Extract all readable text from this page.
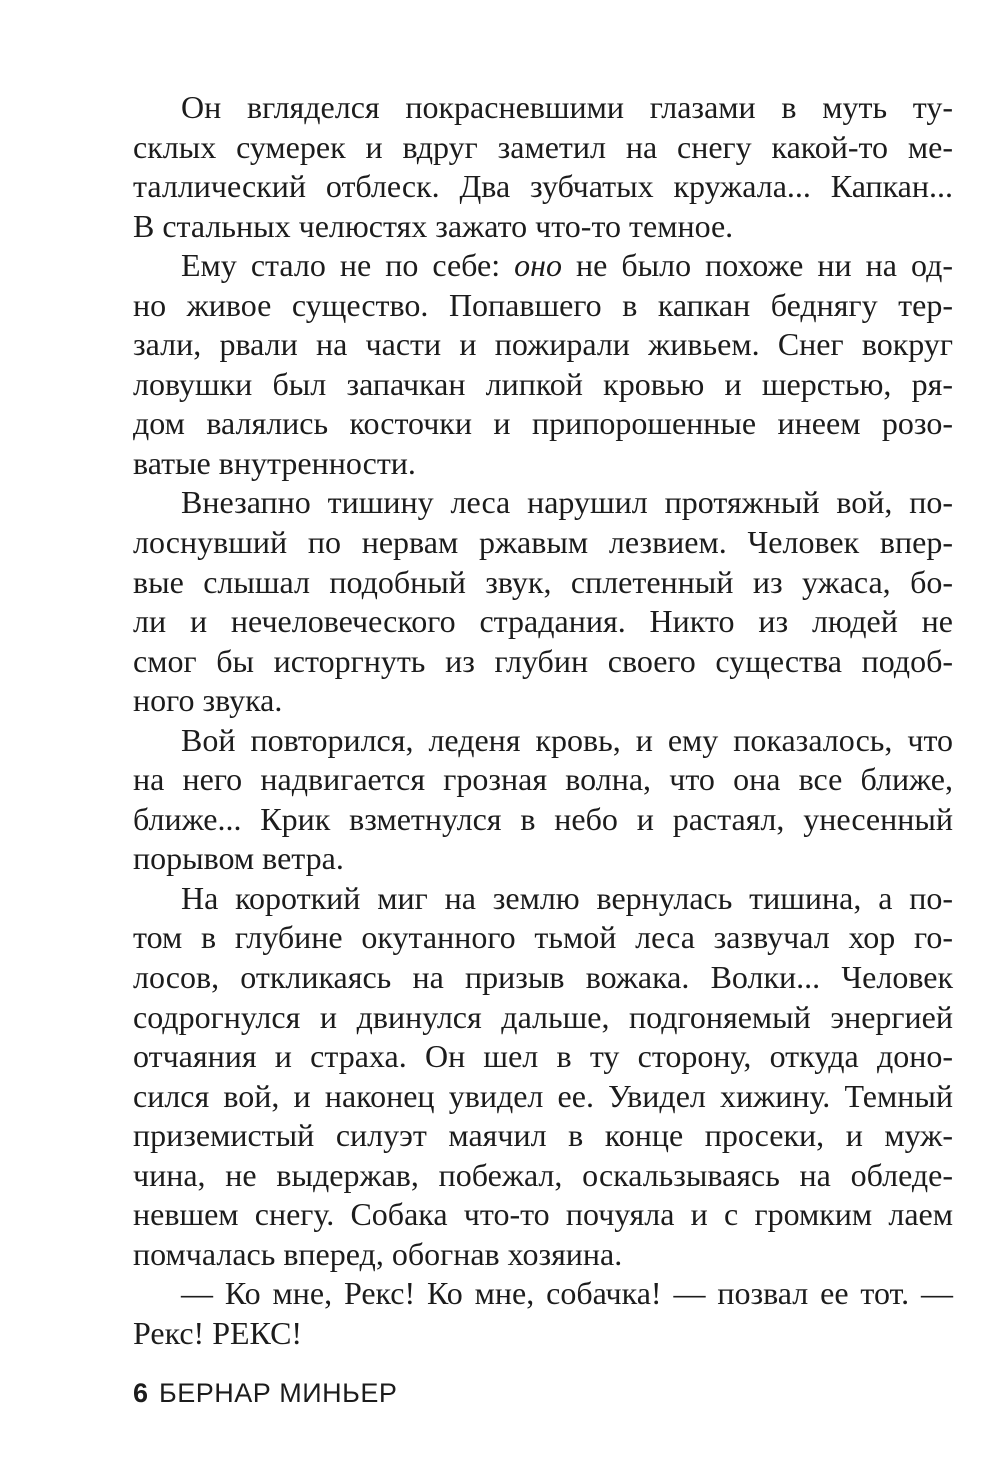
Он вгляделся покрасневшими глазами в муть ту-
склых сумерек и вдруг заметил на снегу какой-то ме-
таллический отблеск. Два зубчатых кружала... Капкан...
В стальных челюстях зажато что-то темное.
Ему стало не по себе: оно не было похоже ни на од-
но живое существо. Попавшего в капкан беднягу тер-
зали, рвали на части и пожирали живьем. Снег вокруг
ловушки был запачкан липкой кровью и шерстью, ря-
дом валялись косточки и припорошенные инеем розо-
ватые внутренности.
Внезапно тишину леса нарушил протяжный вой, по-
лоснувший по нервам ржавым лезвием. Человек впер-
вые слышал подобный звук, сплетенный из ужаса, бо-
ли и нечеловеческого страдания. Никто из людей не
смог бы исторгнуть из глубин своего существа подоб-
ного звука.
Вой повторился, леденя кровь, и ему показалось, что
на него надвигается грозная волна, что она все ближе,
ближе... Крик взметнулся в небо и растаял, унесенный
порывом ветра.
На короткий миг на землю вернулась тишина, а по-
том в глубине окутанного тьмой леса зазвучал хор го-
лосов, откликаясь на призыв вожака. Волки... Человек
содрогнулся и двинулся дальше, подгоняемый энергией
отчаяния и страха. Он шел в ту сторону, откуда доно-
сился вой, и наконец увидел ее. Увидел хижину. Темный
приземистый силуэт маячил в конце просеки, и муж-
чина, не выдержав, побежал, оскальзываясь на обледе-
невшем снегу. Собака что-то почуяла и с громким лаем
помчалась вперед, обогнав хозяина.
— Ко мне, Рекс! Ко мне, собачка! — позвал ее тот. —
Рекс! РЕКС!
6 БЕРНАР МИНЬЕР
